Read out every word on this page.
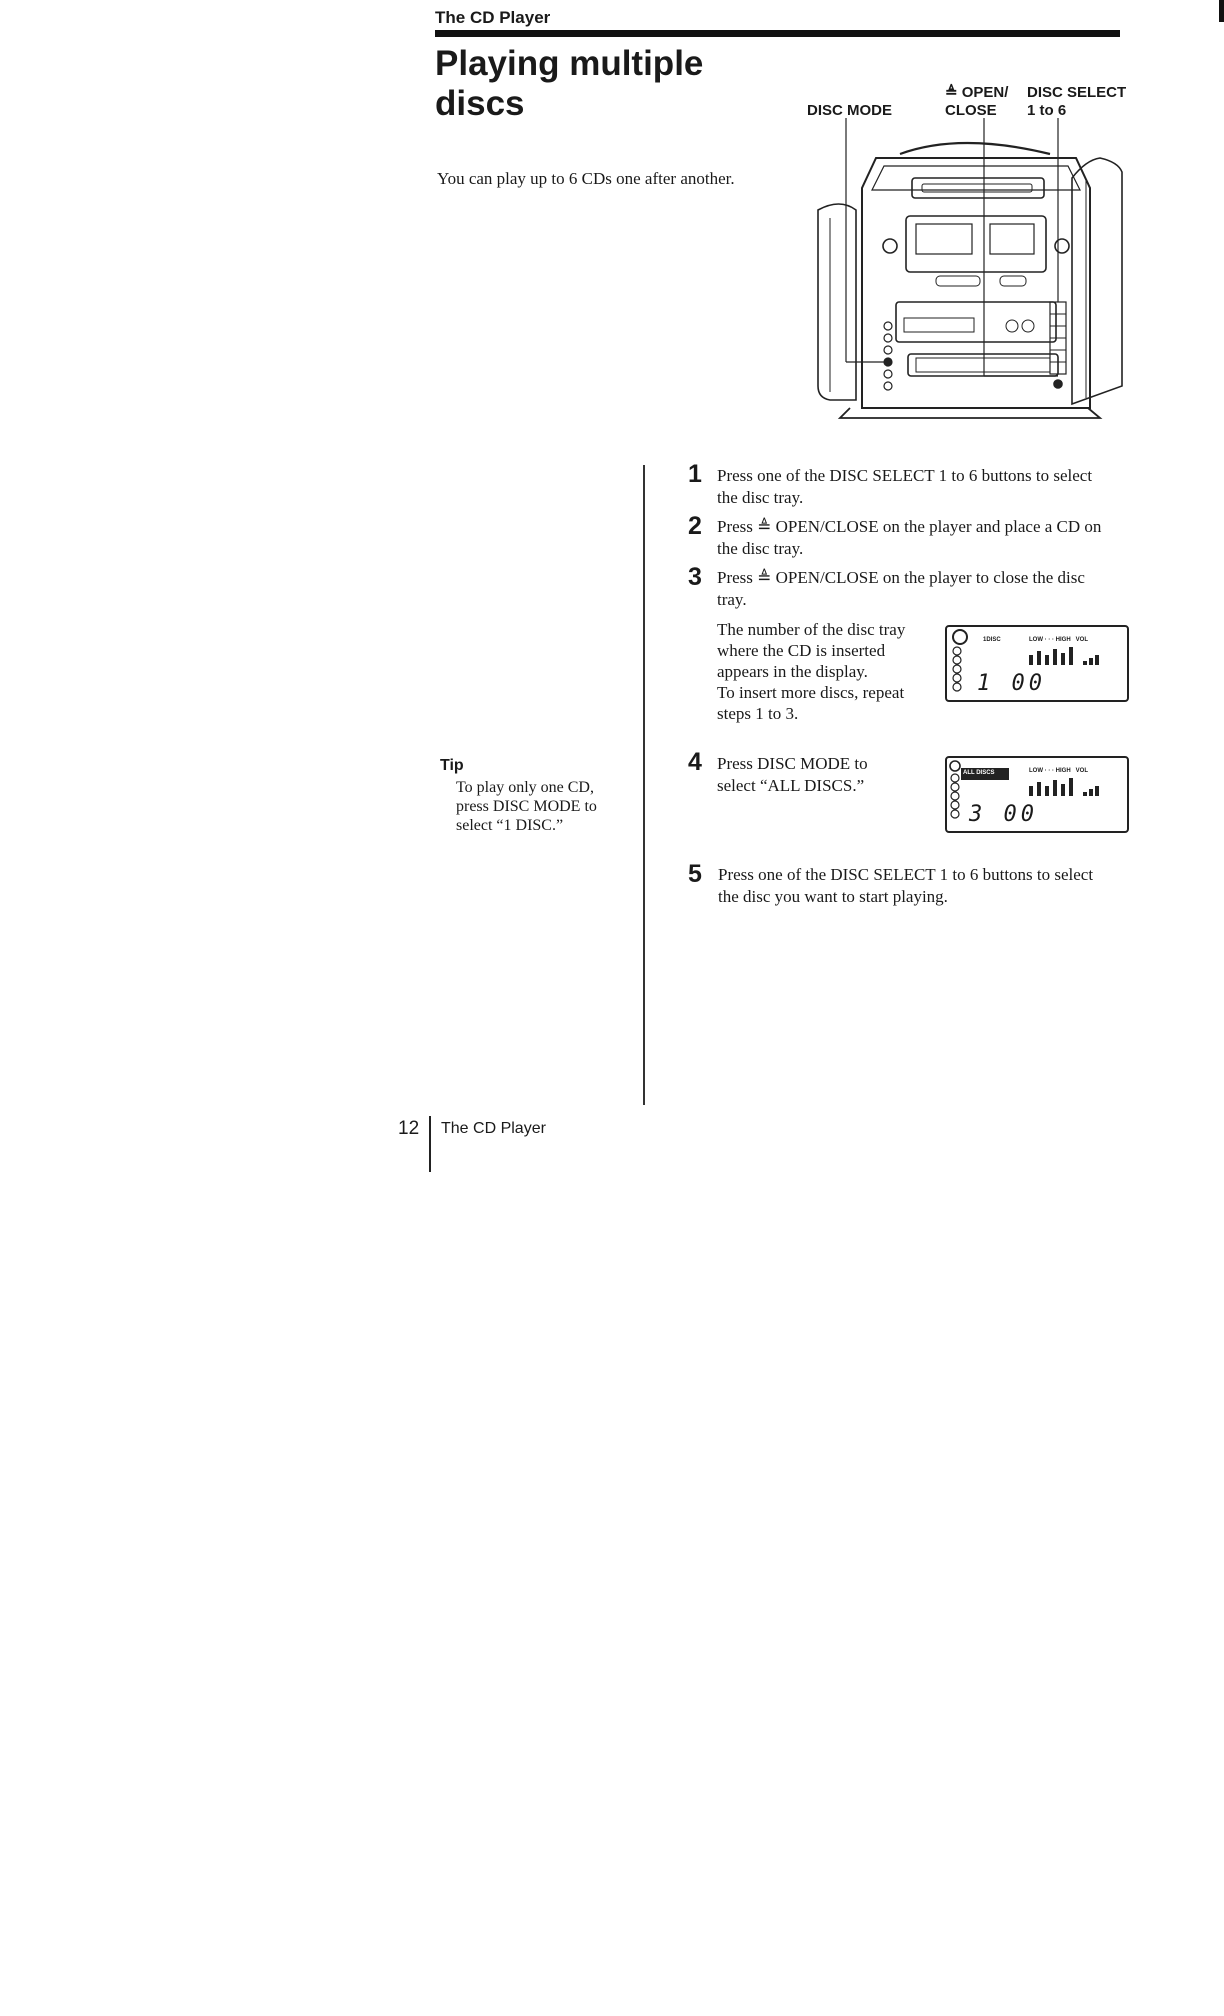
The CD Player
Playing multiple discs
You can play up to 6 CDs one after another.
DISC MODE
≜ OPEN/
CLOSE
DISC SELECT
1 to 6
1 Press one of the DISC SELECT 1 to 6 buttons to select the disc tray.
2 Press ≜ OPEN/CLOSE on the player and place a CD on the disc tray.
3 Press ≜ OPEN/CLOSE on the player to close the disc tray.
The number of the disc tray where the CD is inserted appears in the display.
To insert more discs, repeat steps 1 to 3.
4 Press DISC MODE to select “ALL DISCS.”
5 Press one of the DISC SELECT 1 to 6 buttons to select the disc you want to start playing.
1DISC	LOW · · · HIGH   VOL
1 00
ALL DISCS	LOW · · · HIGH   VOL
3 00
Tip
To play only one CD, press DISC MODE to select “1 DISC.”
12 The CD Player
